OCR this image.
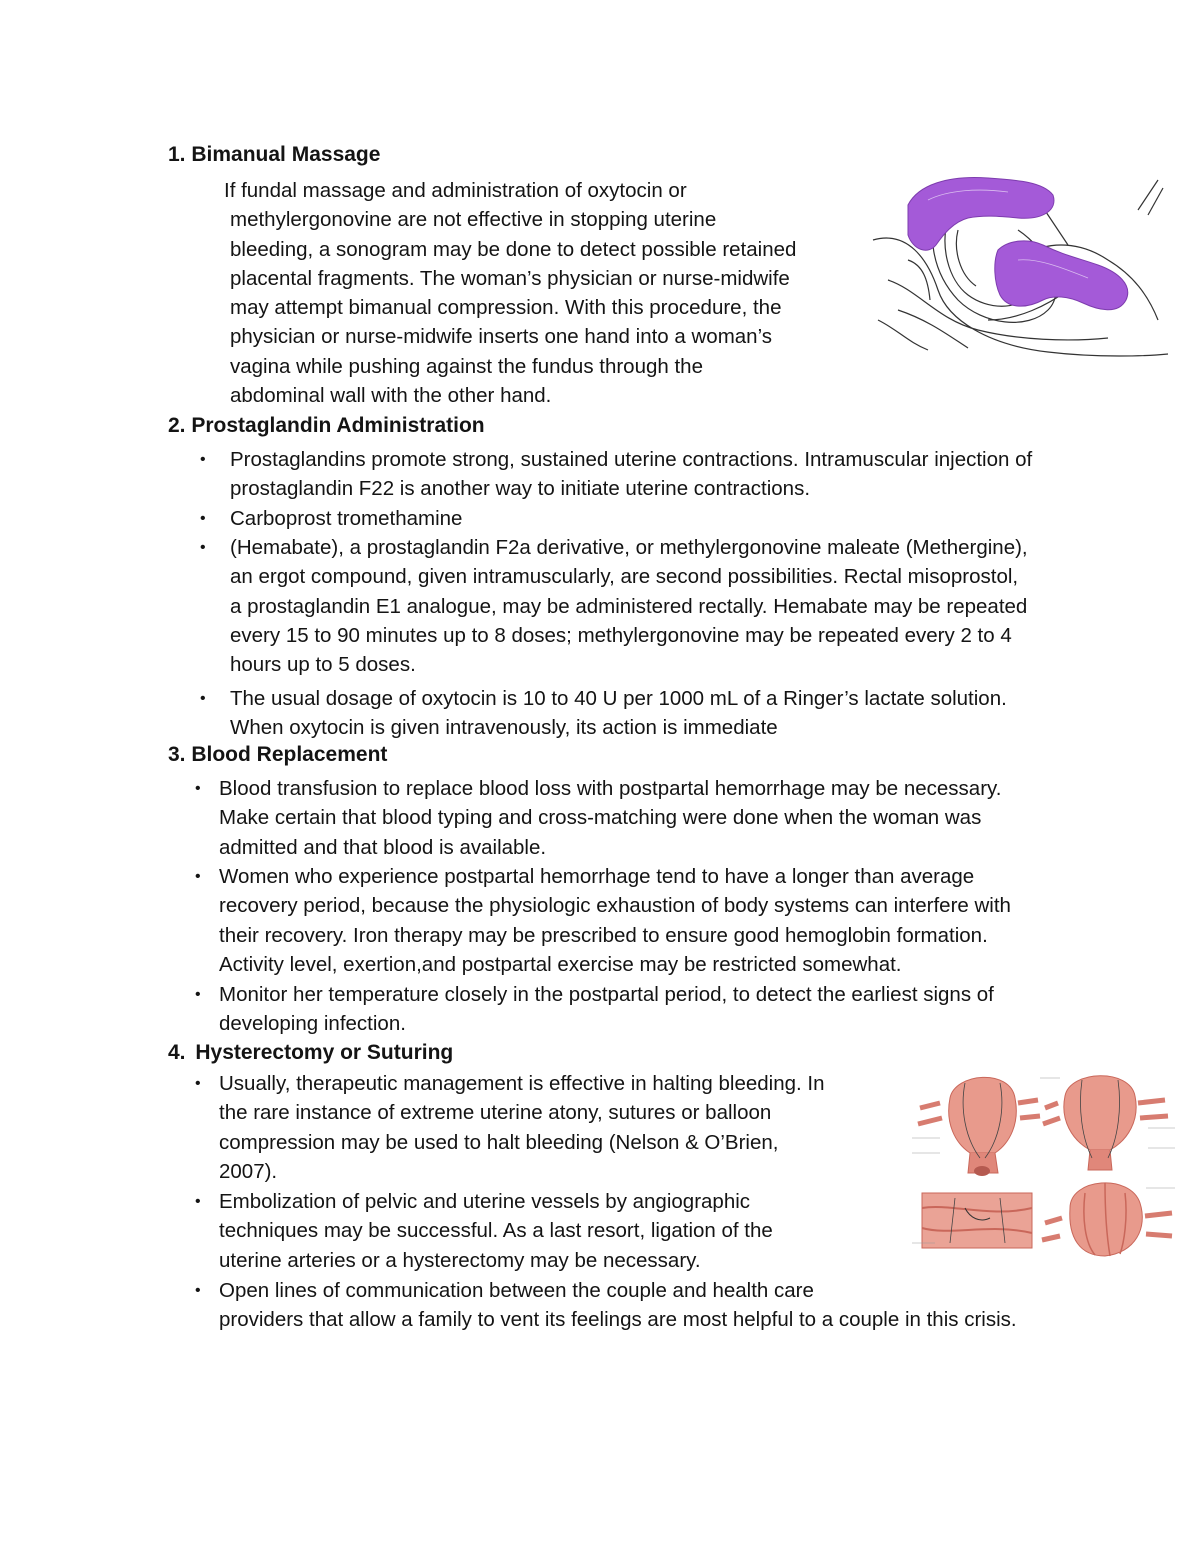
1. Bimanual Massage
If fundal massage and administration of oxytocin or
methylergonovine are not effective in stopping uterine
bleeding, a sonogram may be done to detect possible retained
placental fragments. The woman’s physician or nurse-midwife
may attempt bimanual compression. With this procedure, the
physician or nurse-midwife inserts one hand into a woman’s
vagina while pushing against the fundus through the
abdominal wall with the other hand.
2. Prostaglandin Administration
• Prostaglandins promote strong, sustained uterine contractions. Intramuscular injection of
prostaglandin F22 is another way to initiate uterine contractions.
• Carboprost tromethamine
• (Hemabate), a prostaglandin F2a derivative, or methylergonovine maleate (Methergine),
an ergot compound, given intramuscularly, are second possibilities. Rectal misoprostol,
a prostaglandin E1 analogue, may be administered rectally. Hemabate may be repeated
every 15 to 90 minutes up to 8 doses; methylergonovine may be repeated every 2 to 4
hours up to 5 doses.
• The usual dosage of oxytocin is 10 to 40 U per 1000 mL of a Ringer’s lactate solution.
When oxytocin is given intravenously, its action is immediate
3. Blood Replacement
• Blood transfusion to replace blood loss with postpartal hemorrhage may be necessary.
Make certain that blood typing and cross-matching were done when the woman was
admitted and that blood is available.
• Women who experience postpartal hemorrhage tend to have a longer than average
recovery period, because the physiologic exhaustion of body systems can interfere with
their recovery. Iron therapy may be prescribed to ensure good hemoglobin formation.
Activity level, exertion,and postpartal exercise may be restricted somewhat.
• Monitor her temperature closely in the postpartal period, to detect the earliest signs of
developing infection.
4. Hysterectomy or Suturing
• Usually, therapeutic management is effective in halting bleeding. In
the rare instance of extreme uterine atony, sutures or balloon
compression may be used to halt bleeding (Nelson & O’Brien,
2007).
• Embolization of pelvic and uterine vessels by angiographic
techniques may be successful. As a last resort, ligation of the
uterine arteries or a hysterectomy may be necessary.
• Open lines of communication between the couple and health care
providers that allow a family to vent its feelings are most helpful to a couple in this crisis.
